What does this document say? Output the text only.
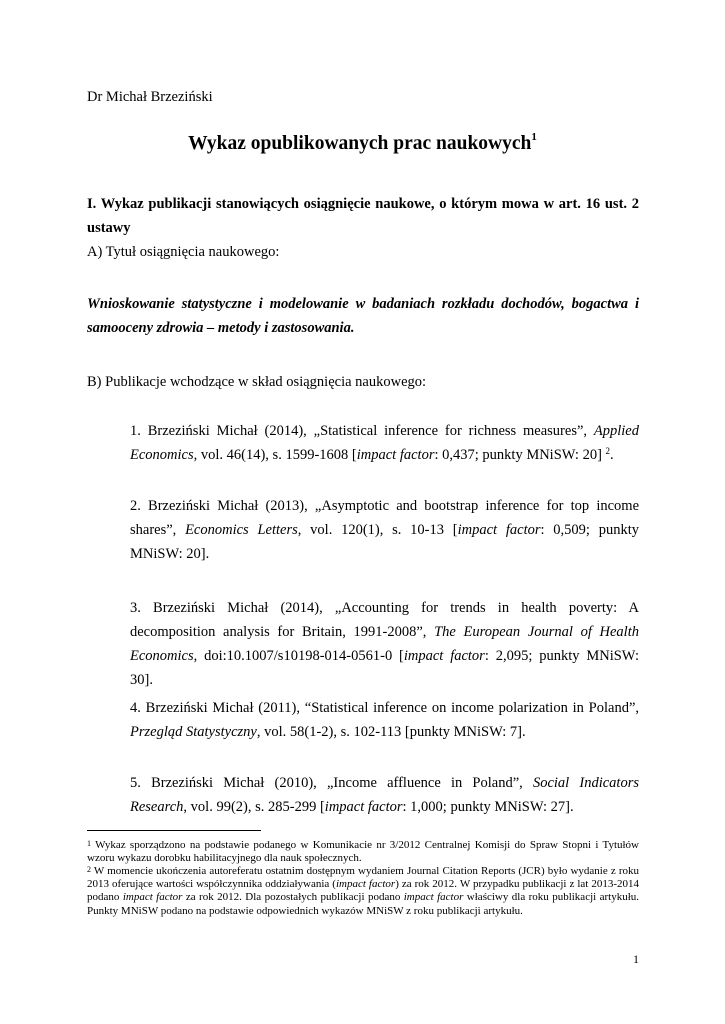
Dr Michał Brzeziński
Wykaz opublikowanych prac naukowych$^1$
I. Wykaz publikacji stanowiących osiągnięcie naukowe, o którym mowa w art. 16 ust. 2 ustawy
A) Tytuł osiągnięcia naukowego:
Wnioskowanie statystyczne i modelowanie w badaniach rozkładu dochodów, bogactwa i samooceny zdrowia – metody i zastosowania.
B) Publikacje wchodzące w skład osiągnięcia naukowego:
1. Brzeziński Michał (2014), „Statistical inference for richness measures”, Applied Economics, vol. 46(14), s. 1599-1608 [impact factor: 0,437; punkty MNiSW: 20] $^2$.
2. Brzeziński Michał (2013), „Asymptotic and bootstrap inference for top income shares”, Economics Letters, vol. 120(1), s. 10-13 [impact factor: 0,509; punkty MNiSW: 20].
3. Brzeziński Michał (2014), „Accounting for trends in health poverty: A decomposition analysis for Britain, 1991-2008”, The European Journal of Health Economics, doi:10.1007/s10198-014-0561-0 [impact factor: 2,095; punkty MNiSW: 30].
4. Brzeziński Michał (2011), “Statistical inference on income polarization in Poland”, Przegląd Statystyczny, vol. 58(1-2), s. 102-113 [punkty MNiSW: 7].
5. Brzeziński Michał (2010), „Income affluence in Poland”, Social Indicators Research, vol. 99(2), s. 285-299 [impact factor: 1,000; punkty MNiSW: 27].
$^1$ Wykaz sporządzono na podstawie podanego w Komunikacie nr 3/2012 Centralnej Komisji do Spraw Stopni i Tytułów wzoru wykazu dorobku habilitacyjnego dla nauk społecznych.
$^2$ W momencie ukończenia autoreferatu ostatnim dostępnym wydaniem Journal Citation Reports (JCR) było wydanie z roku 2013 oferujące wartości współczynnika oddziaływania (impact factor) za rok 2012. W przypadku publikacji z lat 2013-2014 podano impact factor za rok 2012. Dla pozostałych publikacji podano impact factor właściwy dla roku publikacji artykułu. Punkty MNiSW podano na podstawie odpowiednich wykazów MNiSW z roku publikacji artykułu.
1
